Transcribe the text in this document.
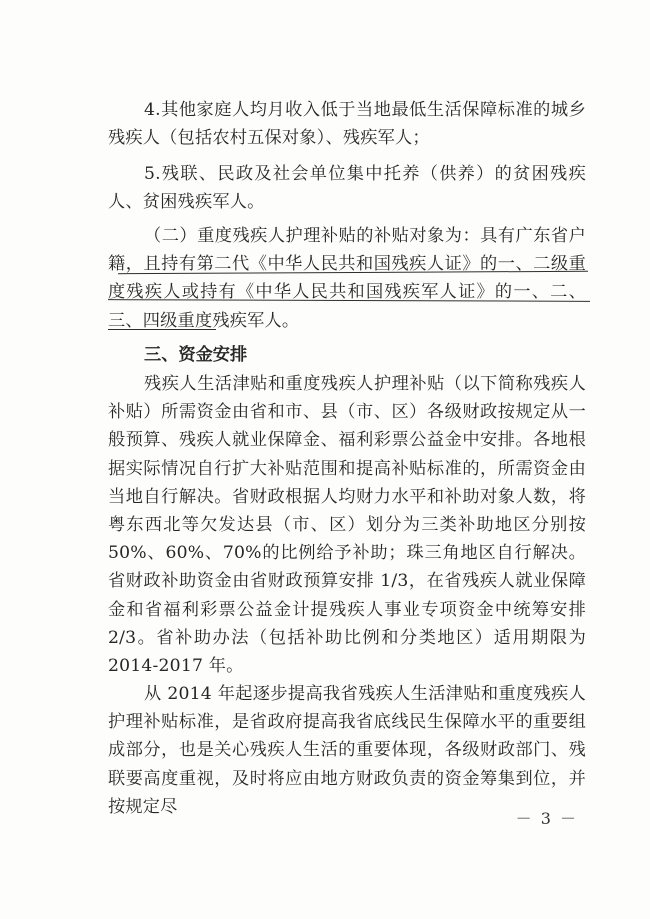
4.其他家庭人均月收入低于当地最低生活保障标准的城乡残疾人（包括农村五保对象）、残疾军人；

5.残联、民政及社会单位集中托养（供养）的贫困残疾人、贫困残疾军人。

（二）重度残疾人护理补贴的补贴对象为：具有广东省户籍，且持有第二代《中华人民共和国残疾人证》的一、二级重度残疾人或持有《中华人民共和国残疾军人证》的一、二、三、四级重度残疾军人。

三、资金安排

残疾人生活津贴和重度残疾人护理补贴（以下简称残疾人补贴）所需资金由省和市、县（市、区）各级财政按规定从一般预算、残疾人就业保障金、福利彩票公益金中安排。各地根据实际情况自行扩大补贴范围和提高补贴标准的，所需资金由当地自行解决。省财政根据人均财力水平和补助对象人数，将粤东西北等欠发达县（市、区）划分为三类补助地区分别按 50%、60%、70%的比例给予补助；珠三角地区自行解决。省财政补助资金由省财政预算安排 1/3，在省残疾人就业保障金和省福利彩票公益金计提残疾人事业专项资金中统筹安排 2/3。省补助办法（包括补助比例和分类地区）适用期限为 2014-2017 年。

从 2014 年起逐步提高我省残疾人生活津贴和重度残疾人护理补贴标准，是省政府提高我省底线民生保障水平的重要组成部分，也是关心残疾人生活的重要体现，各级财政部门、残联要高度重视，及时将应由地方财政负责的资金筹集到位，并按规定尽

－ 3 －
